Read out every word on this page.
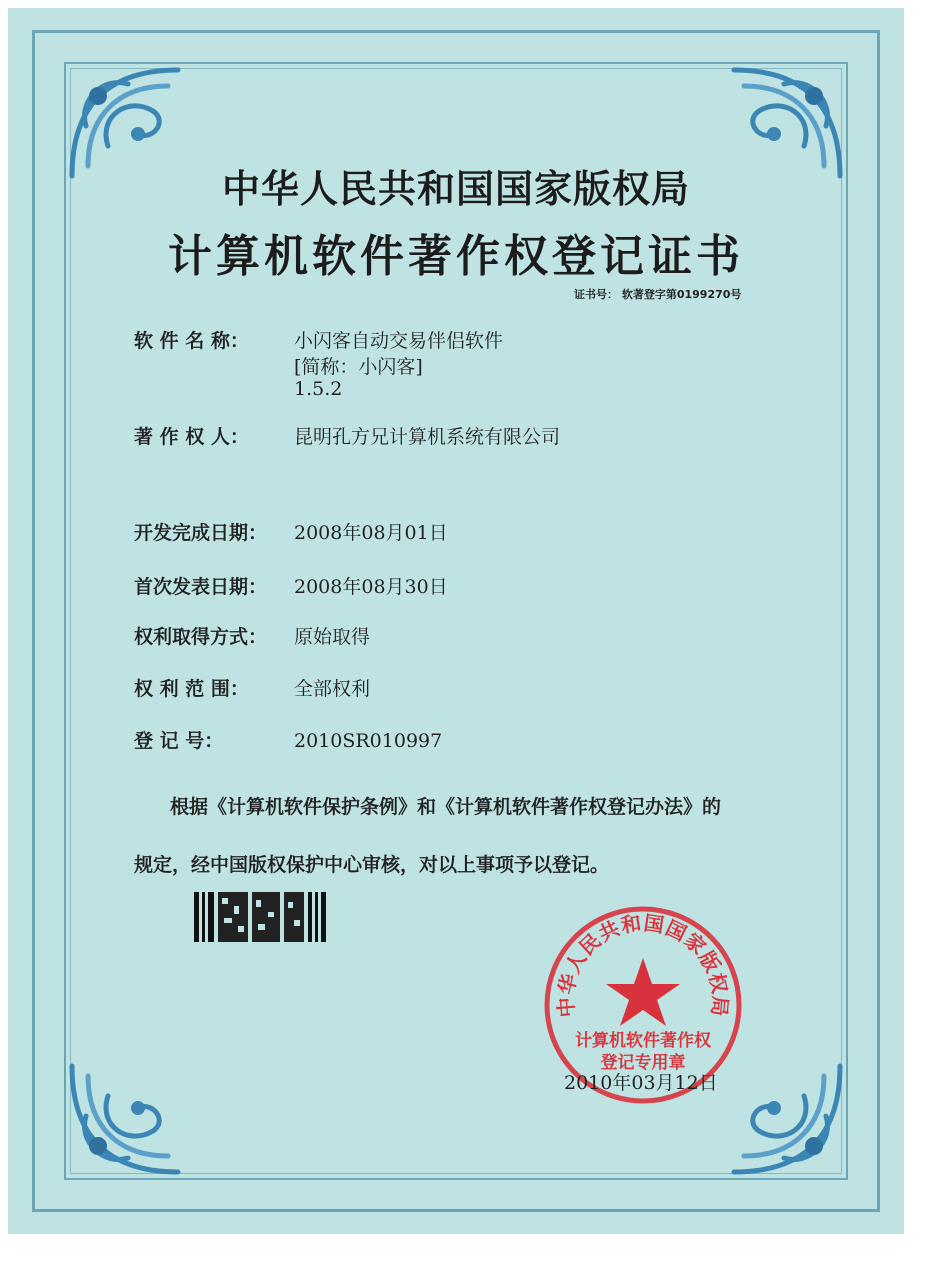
中华人民共和国国家版权局
计算机软件著作权登记证书
证书号： 软著登字第0199270号
软 件 名 称： 小闪客自动交易伴侣软件
[简称：小闪客]
1.5.2
著 作 权 人： 昆明孔方兄计算机系统有限公司
开发完成日期： 2008年08月01日
首次发表日期： 2008年08月30日
权利取得方式： 原始取得
权 利 范 围： 全部权利
登 记 号：	2010SR010997
根据《计算机软件保护条例》和《计算机软件著作权登记办法》的
规定，经中国版权保护中心审核，对以上事项予以登记。
中华人民共和国国家版权局
计算机软件著作权
登记专用章
2010年03月12日
